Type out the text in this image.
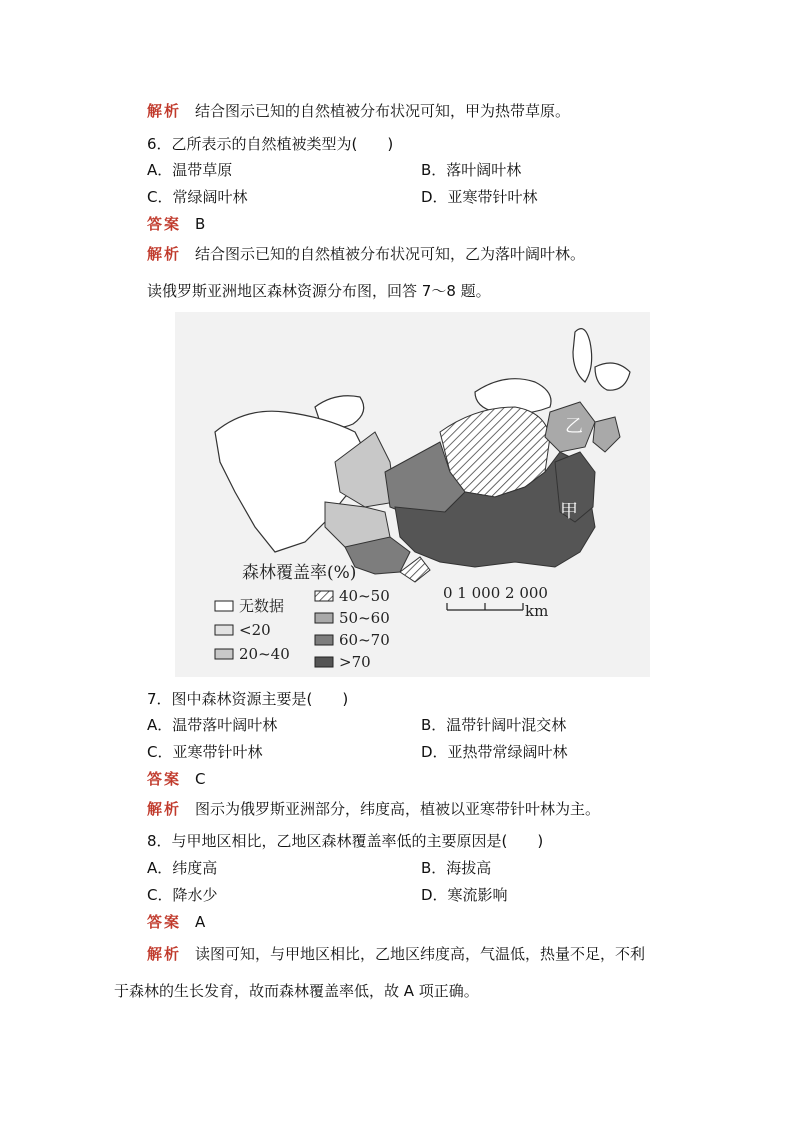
解析 结合图示已知的自然植被分布状况可知，甲为热带草原。
6．乙所表示的自然植被类型为(　　)
A．温带草原	B．落叶阔叶林
C．常绿阔叶林	D．亚寒带针叶林
答案 B
解析 结合图示已知的自然植被分布状况可知，乙为落叶阔叶林。
读俄罗斯亚洲地区森林资源分布图，回答 7～8 题。
乙
甲
森林覆盖率(%)
无数据
<20
20~40
40~50
50~60
60~70
>70
0 1 000 2 000
km
7．图中森林资源主要是(　　)
A．温带落叶阔叶林	B．温带针阔叶混交林
C．亚寒带针叶林	D．亚热带常绿阔叶林
答案 C
解析 图示为俄罗斯亚洲部分，纬度高，植被以亚寒带针叶林为主。
8．与甲地区相比，乙地区森林覆盖率低的主要原因是(　　)
A．纬度高	B．海拔高
C．降水少	D．寒流影响
答案 A
解析 读图可知，与甲地区相比，乙地区纬度高，气温低，热量不足，不利
于森林的生长发育，故而森林覆盖率低，故 A 项正确。
